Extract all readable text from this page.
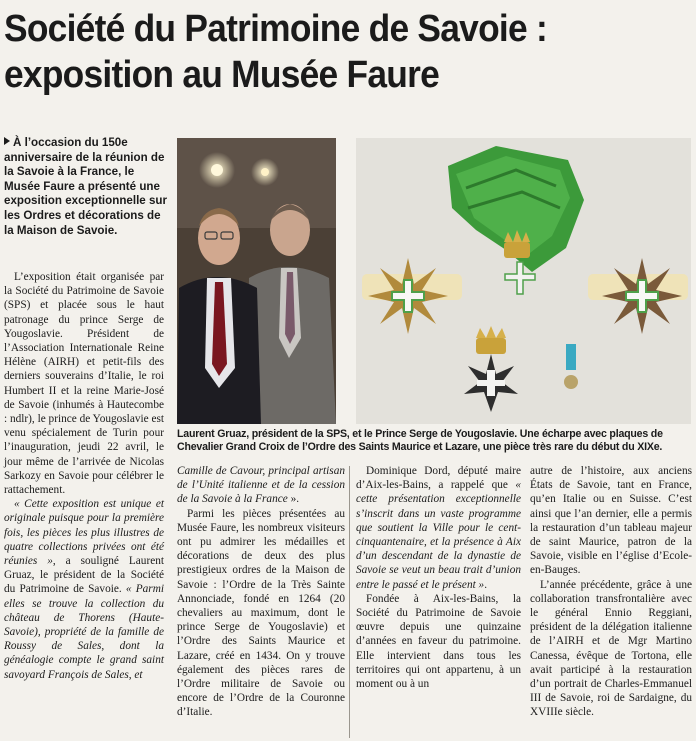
Société du Patrimoine de Savoie :
exposition au Musée Faure
À l’occasion du 150e anniversaire de la réunion de la Savoie à la France, le Musée Faure a présenté une exposition exceptionnelle sur les Ordres et décorations de la Maison de Savoie.
Laurent Gruaz, président de la SPS, et le Prince Serge de Yougoslavie. Une écharpe avec plaques de Chevalier Grand Croix de l’Ordre des Saints Maurice et Lazare, une pièce très rare du début du XIXe.

L’exposition était organisée par la Société du Patrimoine de Savoie (SPS) et placée sous le haut patronage du prince Serge de Yougoslavie. Président de l’Association Internationale Reine Hélène (AIRH) et petit-fils des derniers souverains d’Italie, le roi Humbert II et la reine Marie-José de Savoie (inhumés à Hautecombe : ndlr), le prince de Yougoslavie est venu spécialement de Turin pour l’inauguration, jeudi 22 avril, le jour même de l’arrivée de Nicolas Sarkozy en Savoie pour célébrer le rattachement.

« Cette exposition est unique et originale puisque pour la première fois, les pièces les plus illustres de quatre collections privées ont été réunies », a souligné Laurent Gruaz, le président de la Société du Patrimoine de Savoie. « Parmi elles se trouve la collection du château de Thorens (Haute-Savoie), propriété de la famille de Roussy de Sales, dont la généalogie compte le grand saint savoyard François de Sales, et

Camille de Cavour, principal artisan de l’Unité italienne et de la cession de la Savoie à la France ».

Parmi les pièces présentées au Musée Faure, les nombreux visiteurs ont pu admirer les médailles et décorations de deux des plus prestigieux ordres de la Maison de Savoie : l’Ordre de la Très Sainte Annonciade, fondé en 1264 (20 chevaliers au maximum, dont le prince Serge de Yougoslavie) et l’Ordre des Saints Maurice et Lazare, créé en 1434. On y trouve également des pièces rares de l’Ordre militaire de Savoie ou encore de l’Ordre de la Couronne d’Italie.

Dominique Dord, député maire d’Aix-les-Bains, a rappelé que « cette présentation exceptionnelle s’inscrit dans un vaste programme que soutient la Ville pour le cent-cinquantenaire, et la présence à Aix d’un descendant de la dynastie de Savoie se veut un beau trait d’union entre le passé et le présent ».

Fondée à Aix-les-Bains, la Société du Patrimoine de Savoie œuvre depuis une quinzaine d’années en faveur du patrimoine. Elle intervient dans tous les territoires qui ont appartenu, à un moment ou à un

autre de l’histoire, aux anciens États de Savoie, tant en France, qu’en Italie ou en Suisse. C’est ainsi que l’an dernier, elle a permis la restauration d’un tableau majeur de saint Maurice, patron de la Savoie, visible en l’église d’Ecole-en-Bauges.

L’année précédente, grâce à une collaboration transfrontalière avec le général Ennio Reggiani, président de la délégation italienne de l’AIRH et de Mgr Martino Canessa, évêque de Tortona, elle avait participé à la restauration d’un portrait de Charles-Emmanuel III de Savoie, roi de Sardaigne, du XVIIIe siècle.
